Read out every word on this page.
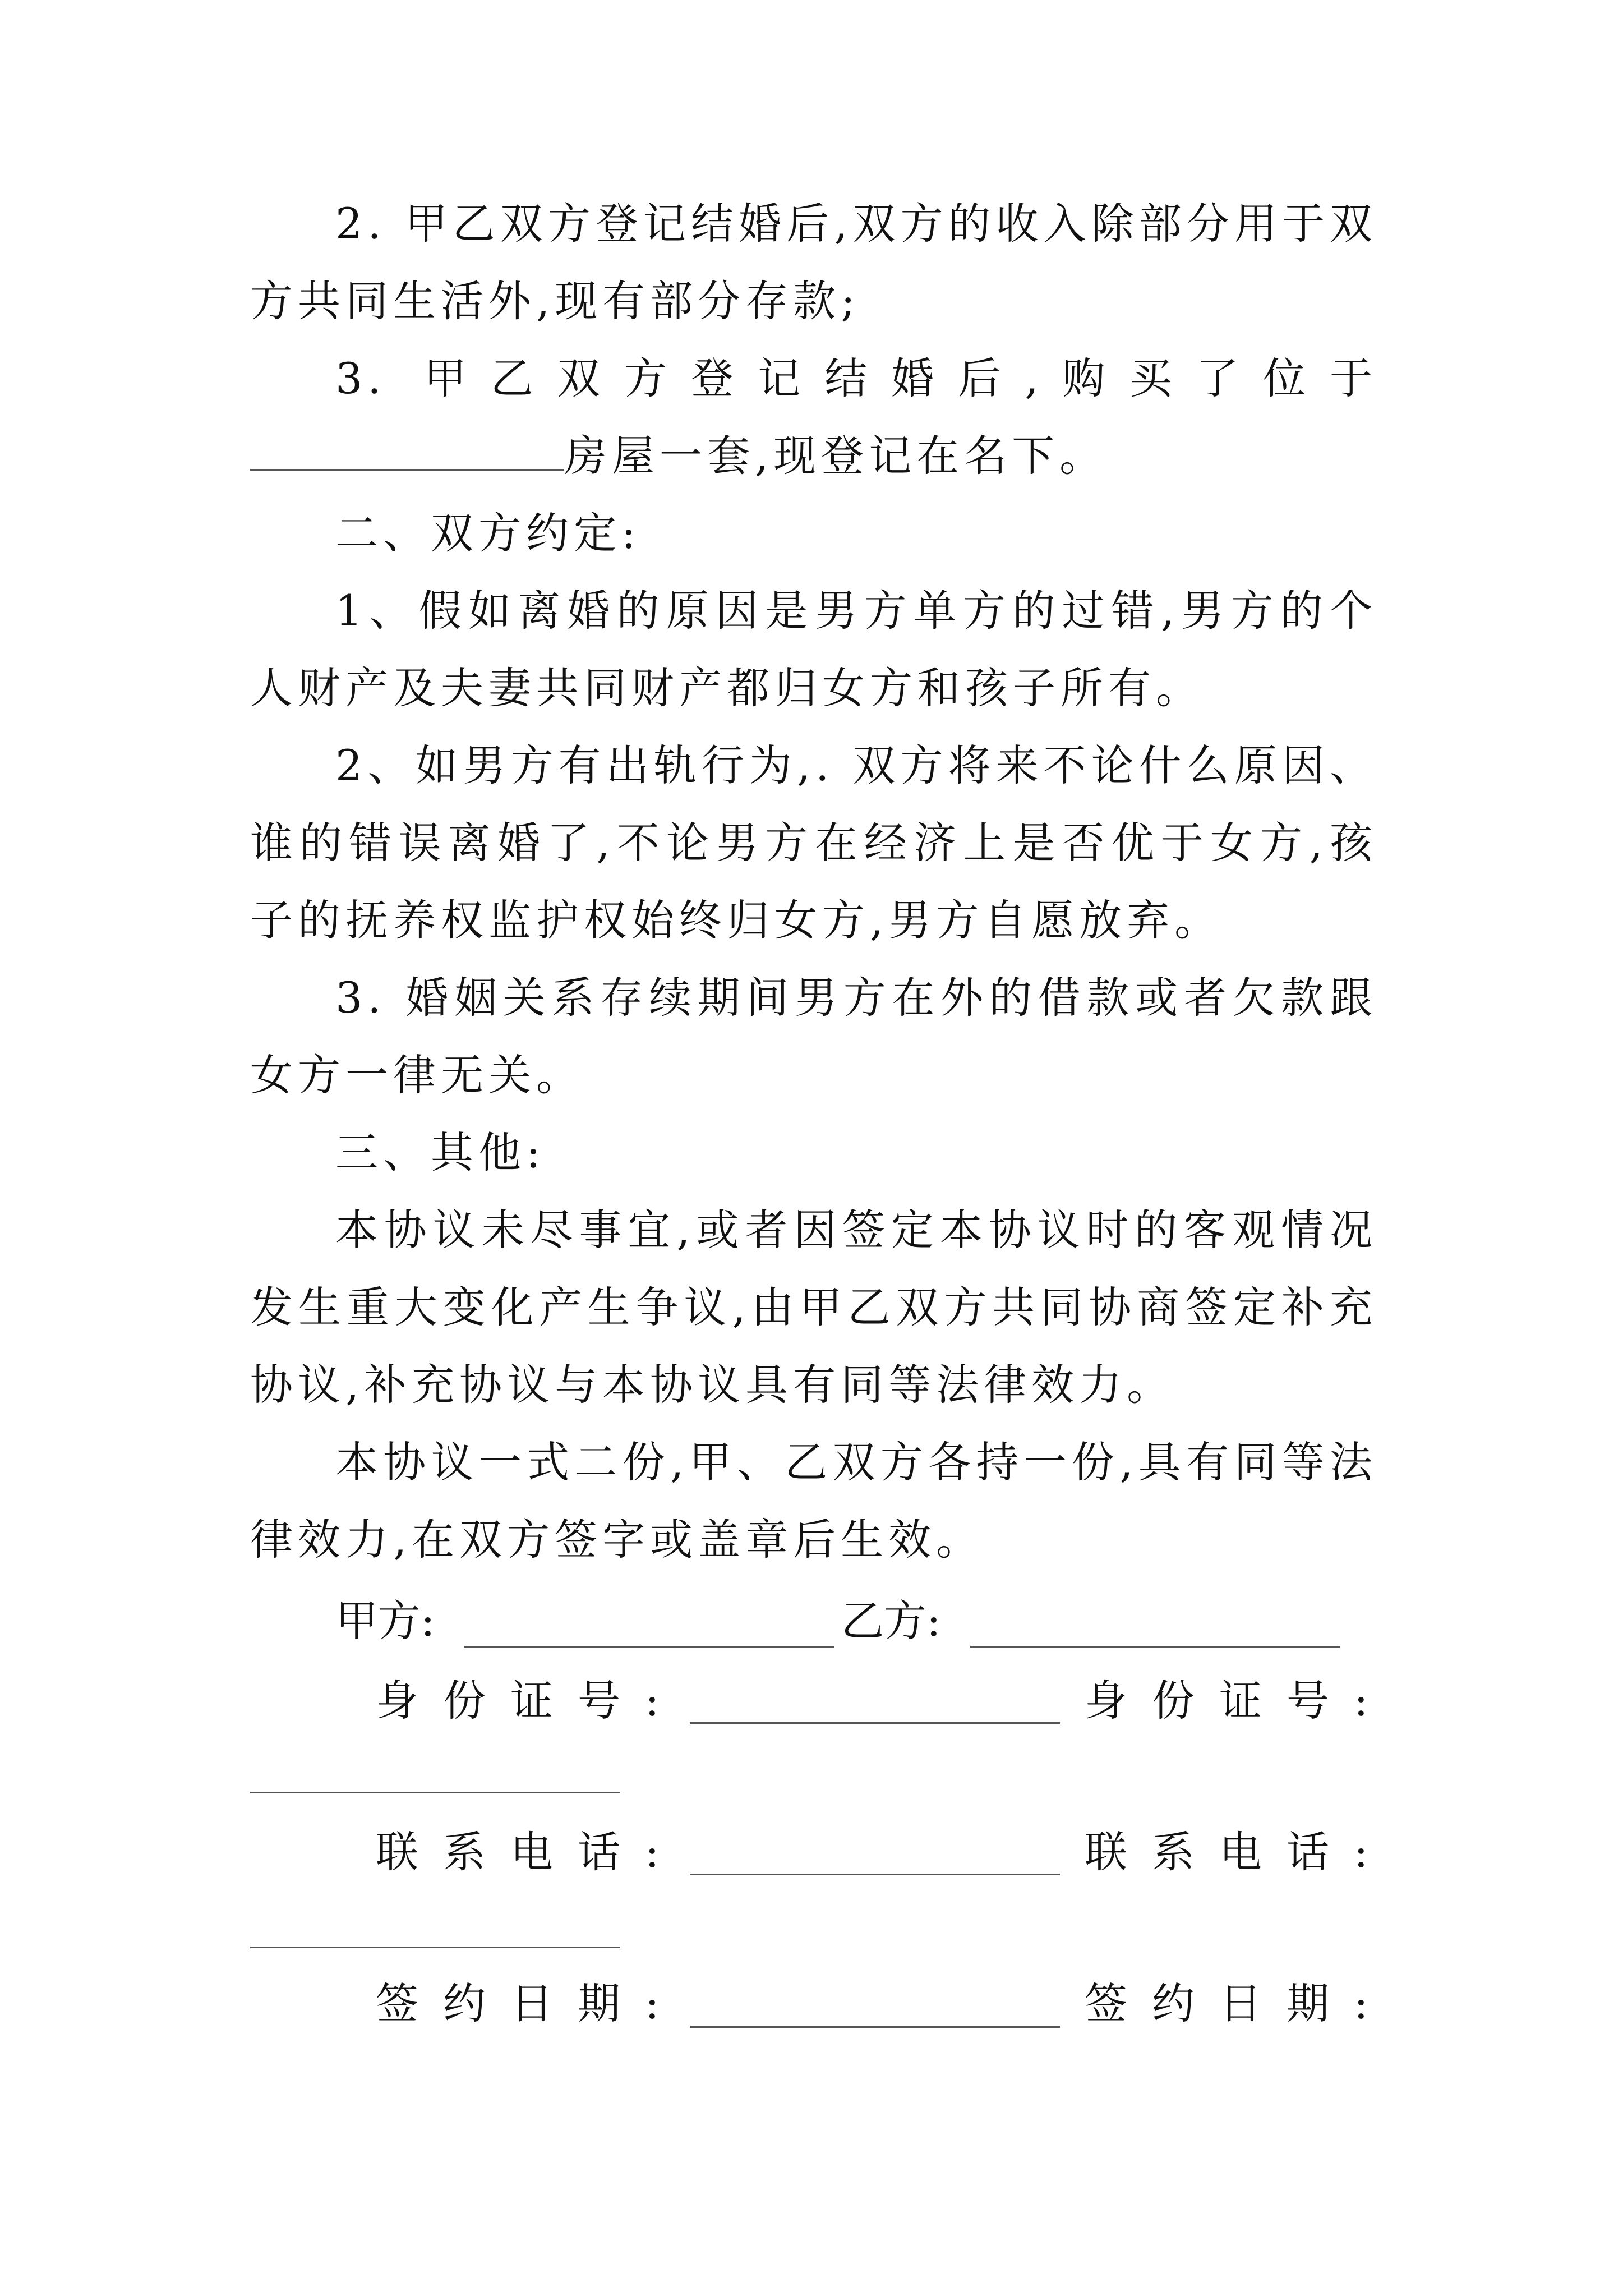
2. 甲乙双方登记结婚后,双方的收入除部分用于双方共同生活外,现有部分存款;

3. 甲乙双方登记结婚后,购买了位于房屋一套,现登记在名下。

二、双方约定:

1、假如离婚的原因是男方单方的过错,男方的个人财产及夫妻共同财产都归女方和孩子所有。

2、如男方有出轨行为,. 双方将来不论什么原因、谁的错误离婚了,不论男方在经济上是否优于女方,孩子的抚养权监护权始终归女方,男方自愿放弃。

3. 婚姻关系存续期间男方在外的借款或者欠款跟女方一律无关。

三、其他:

本协议未尽事宜,或者因签定本协议时的客观情况发生重大变化产生争议,由甲乙双方共同协商签定补充协议,补充协议与本协议具有同等法律效力。

本协议一式二份,甲、乙双方各持一份,具有同等法律效力,在双方签字或盖章后生效。

甲方:	乙方:
身份证号:	身份证号:
联系电话:	联系电话:
签约日期:	签约日期:
